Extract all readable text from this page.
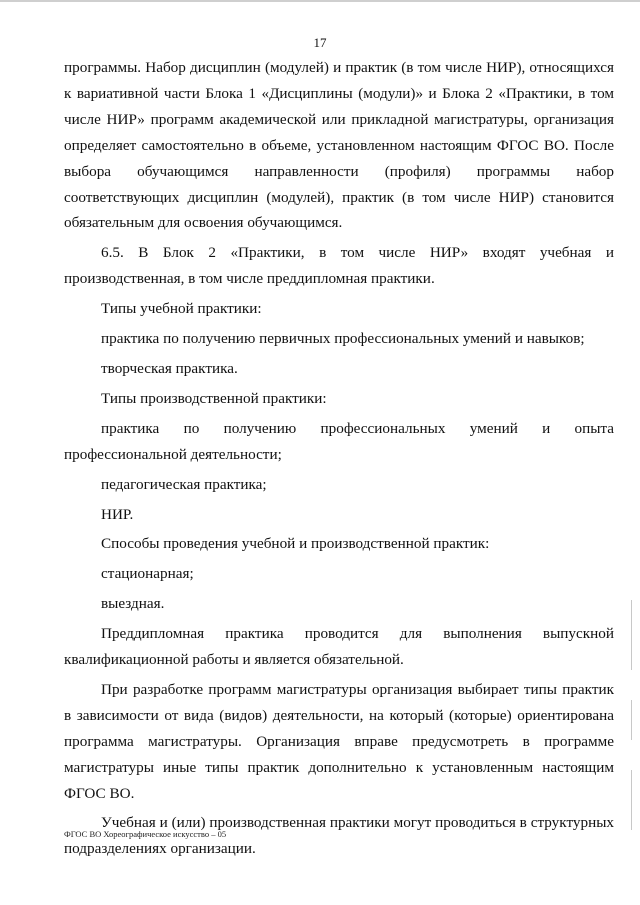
17

программы. Набор дисциплин (модулей) и практик (в том числе НИР), относящихся к вариативной части Блока 1 «Дисциплины (модули)» и Блока 2 «Практики, в том числе НИР» программ академической или прикладной магистратуры, организация определяет самостоятельно в объеме, установленном настоящим ФГОС ВО. После выбора обучающимся направленности (профиля) программы набор соответствующих дисциплин (модулей), практик (в том числе НИР) становится обязательным для освоения обучающимся.

6.5. В Блок 2 «Практики, в том числе НИР» входят учебная и производственная, в том числе преддипломная практики.

Типы учебной практики:

практика по получению первичных профессиональных умений и навыков;

творческая практика.

Типы производственной практики:

практика по получению профессиональных умений и опыта профессиональной деятельности;

педагогическая практика;

НИР.

Способы проведения учебной и производственной практик:

стационарная;

выездная.

Преддипломная практика проводится для выполнения выпускной квалификационной работы и является обязательной.

При разработке программ магистратуры организация выбирает типы практик в зависимости от вида (видов) деятельности, на который (которые) ориентирована программа магистратуры. Организация вправе предусмотреть в программе магистратуры иные типы практик дополнительно к установленным настоящим ФГОС ВО.

Учебная и (или) производственная практики могут проводиться в структурных подразделениях организации.

ФГОС ВО Хореографическое искусство – 05
